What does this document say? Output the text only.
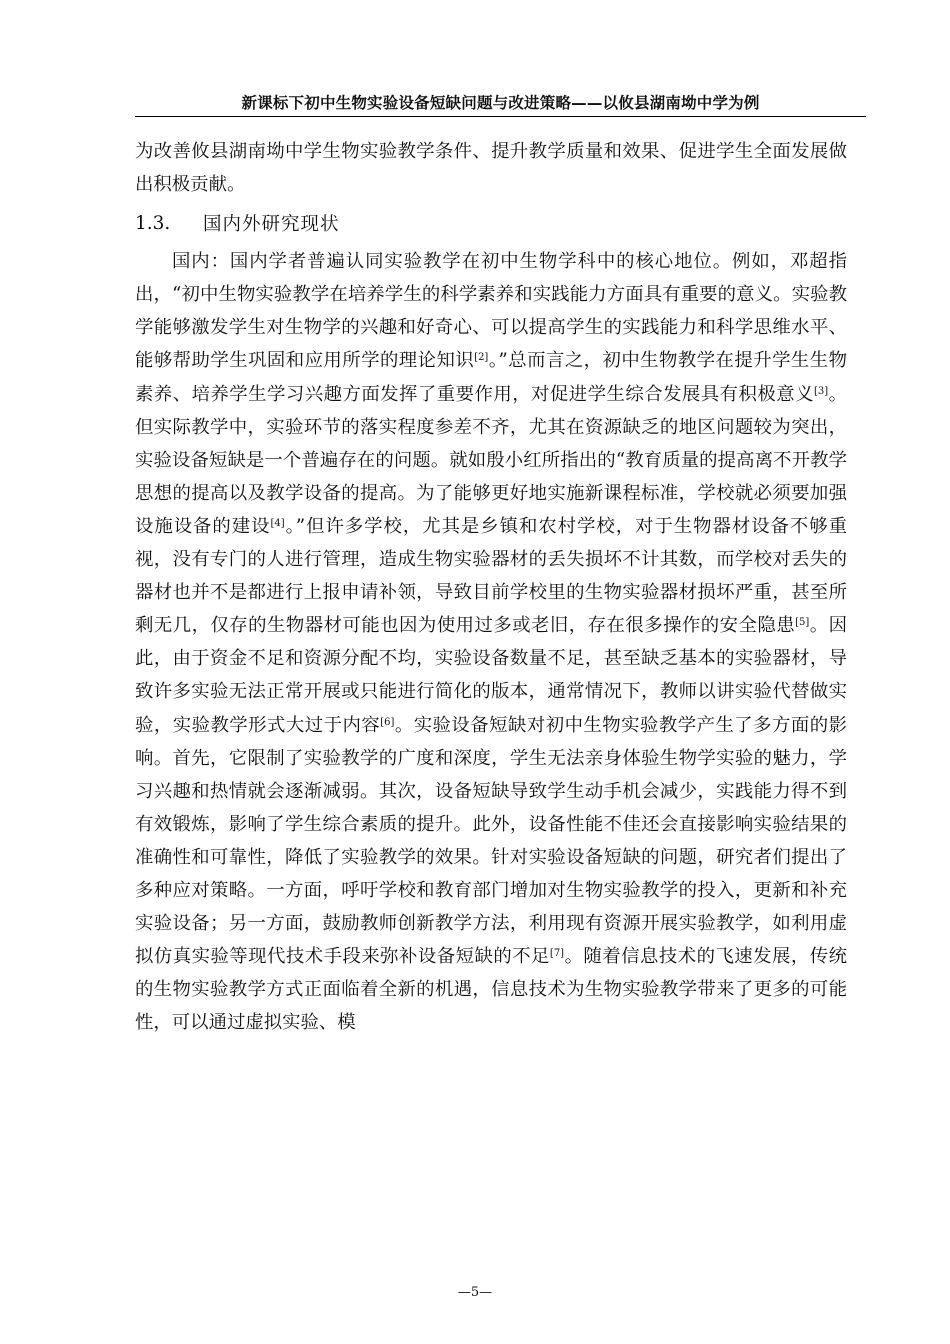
新课标下初中生物实验设备短缺问题与改进策略——以攸县湖南坳中学为例

为改善攸县湖南坳中学生物实验教学条件、提升教学质量和效果、促进学生全面发展做出积极贡献。

1.3.	国内外研究现状

国内：国内学者普遍认同实验教学在初中生物学科中的核心地位。例如，邓超指出，“初中生物实验教学在培养学生的科学素养和实践能力方面具有重要的意义。实验教学能够激发学生对生物学的兴趣和好奇心、可以提高学生的实践能力和科学思维水平、能够帮助学生巩固和应用所学的理论知识[2]。”总而言之，初中生物教学在提升学生生物素养、培养学生学习兴趣方面发挥了重要作用，对促进学生综合发展具有积极意义[3]。但实际教学中，实验环节的落实程度参差不齐，尤其在资源缺乏的地区问题较为突出，实验设备短缺是一个普遍存在的问题。就如殷小红所指出的“教育质量的提高离不开教学思想的提高以及教学设备的提高。为了能够更好地实施新课程标准，学校就必须要加强设施设备的建设[4]。”但许多学校，尤其是乡镇和农村学校，对于生物器材设备不够重视，没有专门的人进行管理，造成生物实验器材的丢失损坏不计其数，而学校对丢失的器材也并不是都进行上报申请补领，导致目前学校里的生物实验器材损坏严重，甚至所剩无几，仅存的生物器材可能也因为使用过多或老旧，存在很多操作的安全隐患[5]。因此，由于资金不足和资源分配不均，实验设备数量不足，甚至缺乏基本的实验器材，导致许多实验无法正常开展或只能进行简化的版本，通常情况下，教师以讲实验代替做实验，实验教学形式大过于内容[6]。实验设备短缺对初中生物实验教学产生了多方面的影响。首先，它限制了实验教学的广度和深度，学生无法亲身体验生物学实验的魅力，学习兴趣和热情就会逐渐减弱。其次，设备短缺导致学生动手机会减少，实践能力得不到有效锻炼，影响了学生综合素质的提升。此外，设备性能不佳还会直接影响实验结果的准确性和可靠性，降低了实验教学的效果。针对实验设备短缺的问题，研究者们提出了多种应对策略。一方面，呼吁学校和教育部门增加对生物实验教学的投入，更新和补充实验设备；另一方面，鼓励教师创新教学方法，利用现有资源开展实验教学，如利用虚拟仿真实验等现代技术手段来弥补设备短缺的不足[7]。随着信息技术的飞速发展，传统的生物实验教学方式正面临着全新的机遇，信息技术为生物实验教学带来了更多的可能性，可以通过虚拟实验、模

—5—
